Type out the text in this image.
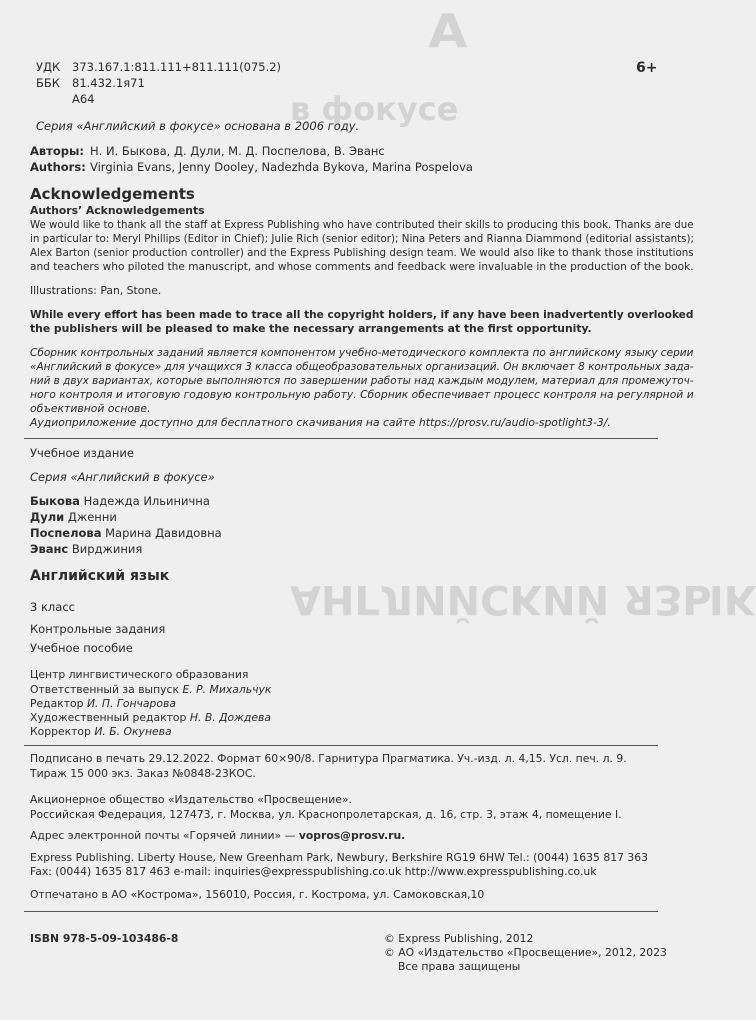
А
в фокусе
АНГЛИЙСКИЙ ЯЗЫК
УДК 373.167.1:811.111+811.111(075.2)
ББК 81.432.1я71
А64
6+
Серия «Английский в фокусе» основана в 2006 году.
Авторы: Н. И. Быкова, Д. Дули, М. Д. Поспелова, В. Эванс
Authors: Virginia Evans, Jenny Dooley, Nadezhda Bykova, Marina Pospelova
Acknowledgements
Authors’ Acknowledgements
We would like to thank all the staff at Express Publishing who have contributed their skills to producing this book. Thanks are due
in particular to: Meryl Phillips (Editor in Chief); Julie Rich (senior editor); Nina Peters and Rianna Diammond (editorial assistants);
Alex Barton (senior production controller) and the Express Publishing design team. We would also like to thank those institutions
and teachers who piloted the manuscript, and whose comments and feedback were invaluable in the production of the book.
Illustrations: Pan, Stone.
While every effort has been made to trace all the copyright holders, if any have been inadvertently overlooked
the publishers will be pleased to make the necessary arrangements at the first opportunity.
Сборник контрольных заданий является компонентом учебно-методического комплекта по английскому языку серии
«Английский в фокусе» для учащихся 3 класса общеобразовательных организаций. Он включает 8 контрольных зада-
ний в двух вариантах, которые выполняются по завершении работы над каждым модулем, материал для промежуточ-
ного контроля и итоговую годовую контрольную работу. Сборник обеспечивает процесс контроля на регулярной и
объективной основе.
Аудиоприложение доступно для бесплатного скачивания на сайте https://prosv.ru/audio-spotlight3-3/.
Учебное издание
Серия «Английский в фокусе»
Быкова Надежда Ильинична
Дули Дженни
Поспелова Марина Давидовна
Эванс Вирджиния
Английский язык
3 класс
Контрольные задания
Учебное пособие
Центр лингвистического образования
Ответственный за выпуск Е. Р. Михальчук
Редактор И. П. Гончарова
Художественный редактор Н. В. Дождева
Корректор И. Б. Окунева
Подписано в печать 29.12.2022. Формат 60×90/8. Гарнитура Прагматика. Уч.-изд. л. 4,15. Усл. печ. л. 9.
Тираж 15 000 экз. Заказ №0848-23КОС.
Акционерное общество «Издательство «Просвещение».
Российская Федерация, 127473, г. Москва, ул. Краснопролетарская, д. 16, стр. 3, этаж 4, помещение I.
Адрес электронной почты «Горячей линии» — vopros@prosv.ru.
Express Publishing. Liberty House, New Greenham Park, Newbury, Berkshire RG19 6HW Tel.: (0044) 1635 817 363
Fax: (0044) 1635 817 463 e-mail: inquiries@expresspublishing.co.uk http://www.expresspublishing.co.uk
Отпечатано в АО «Кострома», 156010, Россия, г. Кострома, ул. Самоковская,10
ISBN 978-5-09-103486-8	© Express Publishing, 2012
© АО «Издательство «Просвещение», 2012, 2023
Все права защищены
